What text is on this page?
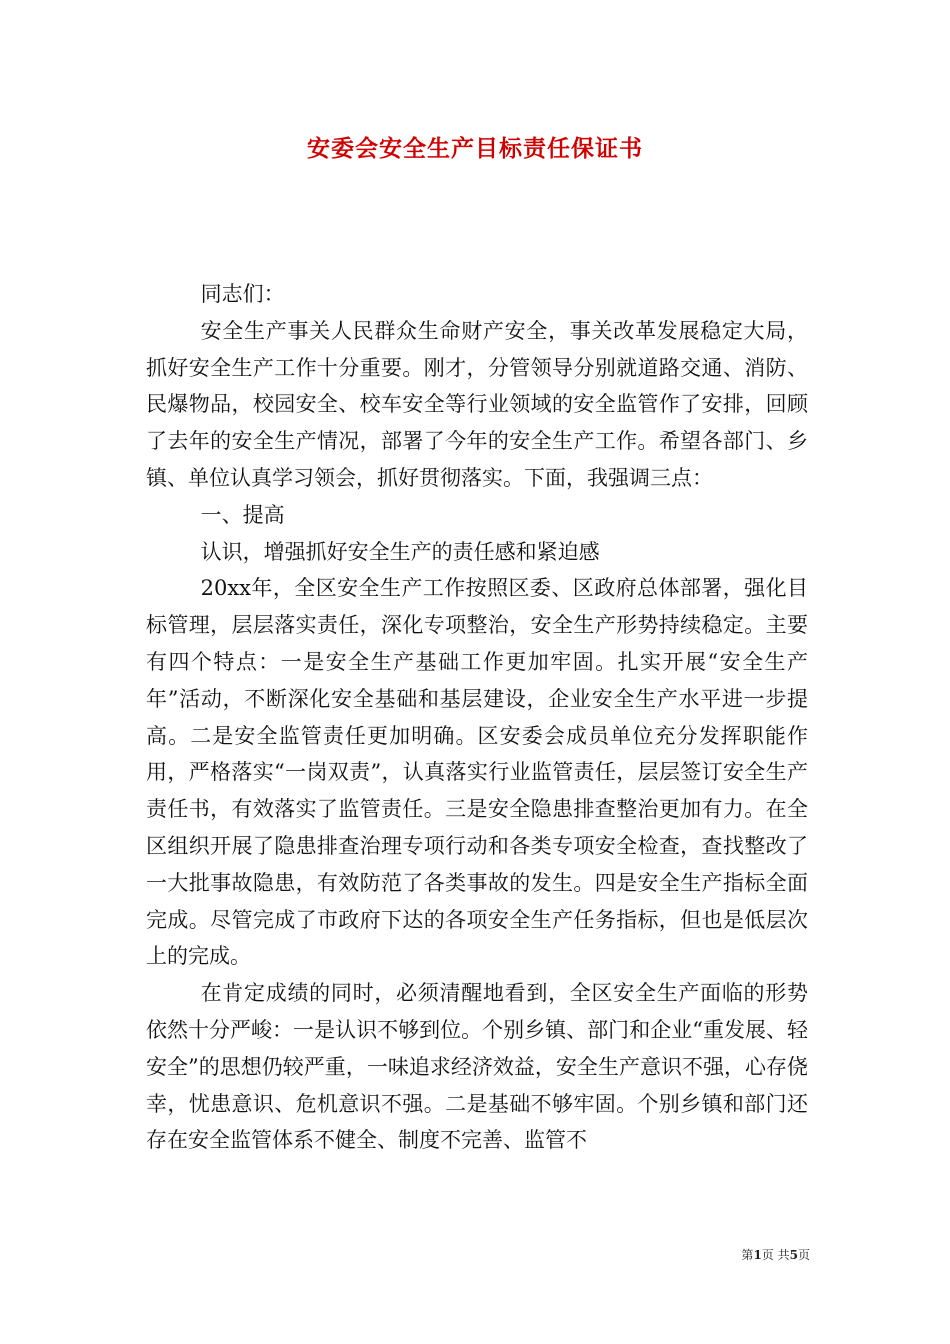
安委会安全生产目标责任保证书

同志们：

安全生产事关人民群众生命财产安全，事关改革发展稳定大局，抓好安全生产工作十分重要。刚才，分管领导分别就道路交通、消防、民爆物品，校园安全、校车安全等行业领域的安全监管作了安排，回顾了去年的安全生产情况，部署了今年的安全生产工作。希望各部门、乡镇、单位认真学习领会，抓好贯彻落实。下面，我强调三点：

一、提高

认识，增强抓好安全生产的责任感和紧迫感

20xx年，全区安全生产工作按照区委、区政府总体部署，强化目标管理，层层落实责任，深化专项整治，安全生产形势持续稳定。主要有四个特点：一是安全生产基础工作更加牢固。扎实开展“安全生产年”活动，不断深化安全基础和基层建设，企业安全生产水平进一步提高。二是安全监管责任更加明确。区安委会成员单位充分发挥职能作用，严格落实“一岗双责”，认真落实行业监管责任，层层签订安全生产责任书，有效落实了监管责任。三是安全隐患排查整治更加有力。在全区组织开展了隐患排查治理专项行动和各类专项安全检查，查找整改了一大批事故隐患，有效防范了各类事故的发生。四是安全生产指标全面完成。尽管完成了市政府下达的各项安全生产任务指标，但也是低层次上的完成。

在肯定成绩的同时，必须清醒地看到，全区安全生产面临的形势依然十分严峻：一是认识不够到位。个别乡镇、部门和企业“重发展、轻安全”的思想仍较严重，一味追求经济效益，安全生产意识不强，心存侥幸，忧患意识、危机意识不强。二是基础不够牢固。个别乡镇和部门还存在安全监管体系不健全、制度不完善、监管不

第1页 共5页
